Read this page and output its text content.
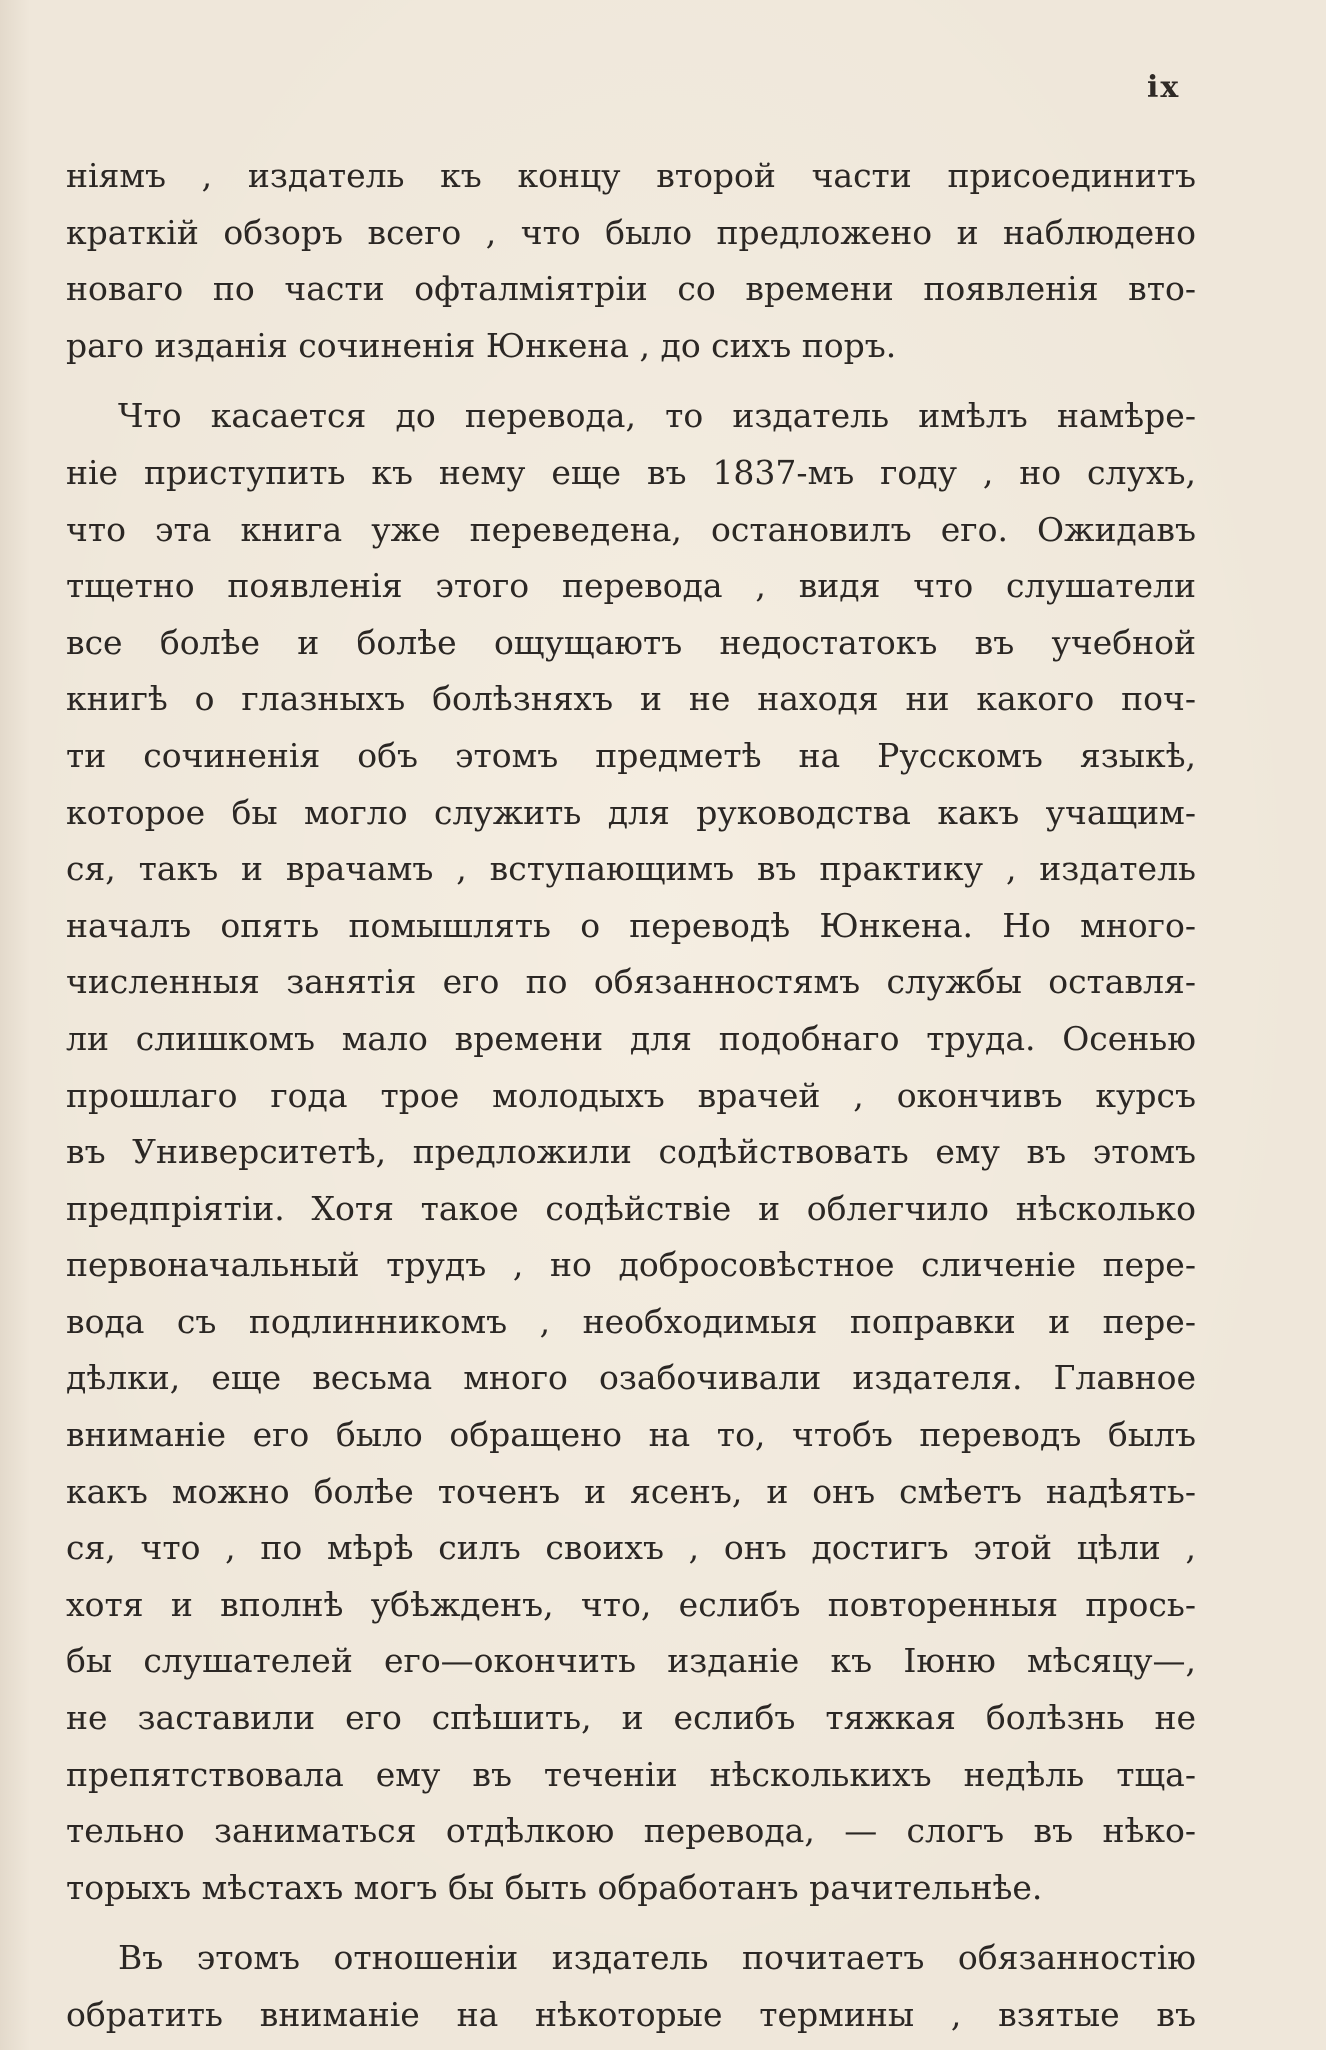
ix
ніямъ , издатель къ концу второй части присоединитъ
краткій обзоръ всего , что было предложено и наблюдено
новаго по части офталміятріи со времени появленія вто-
раго изданія сочиненія Юнкена , до сихъ поръ.
Что касается до перевода, то издатель имѣлъ намѣре-
ніе приступить къ нему еще въ 1837-мъ году , но слухъ,
что эта книга уже переведена, остановилъ его. Ожидавъ
тщетно появленія этого перевода , видя что слушатели
все болѣе и болѣе ощущаютъ недостатокъ въ учебной
книгѣ о глазныхъ болѣзняхъ и не находя ни какого поч-
ти сочиненія объ этомъ предметѣ на Русскомъ языкѣ,
которое бы могло служить для руководства какъ учащим-
ся, такъ и врачамъ , вступающимъ въ практику , издатель
началъ опять помышлять о переводѣ Юнкена. Но много-
численныя занятія его по обязанностямъ службы оставля-
ли слишкомъ мало времени для подобнаго труда. Осенью
прошлаго года трое молодыхъ врачей , окончивъ курсъ
въ Университетѣ, предложили содѣйствовать ему въ этомъ
предпріятіи. Хотя такое содѣйствіе и облегчило нѣсколько
первоначальный трудъ , но добросовѣстное сличеніе пере-
вода съ подлинникомъ , необходимыя поправки и пере-
дѣлки, еще весьма много озабочивали издателя. Главное
вниманіе его было обращено на то, чтобъ переводъ былъ
какъ можно болѣе точенъ и ясенъ, и онъ смѣетъ надѣять-
ся, что , по мѣрѣ силъ своихъ , онъ достигъ этой цѣли ,
хотя и вполнѣ убѣжденъ, что, еслибъ повторенныя прось-
бы слушателей его—окончить изданіе къ Іюню мѣсяцу—,
не заставили его спѣшить, и еслибъ тяжкая болѣзнь не
препятствовала ему въ теченіи нѣсколькихъ недѣль тща-
тельно заниматься отдѣлкою перевода, — слогъ въ нѣко-
торыхъ мѣстахъ могъ бы быть обработанъ рачительнѣе.
Въ этомъ отношеніи издатель почитаетъ обязанностію
обратить вниманіе на нѣкоторые термины , взятые въ
